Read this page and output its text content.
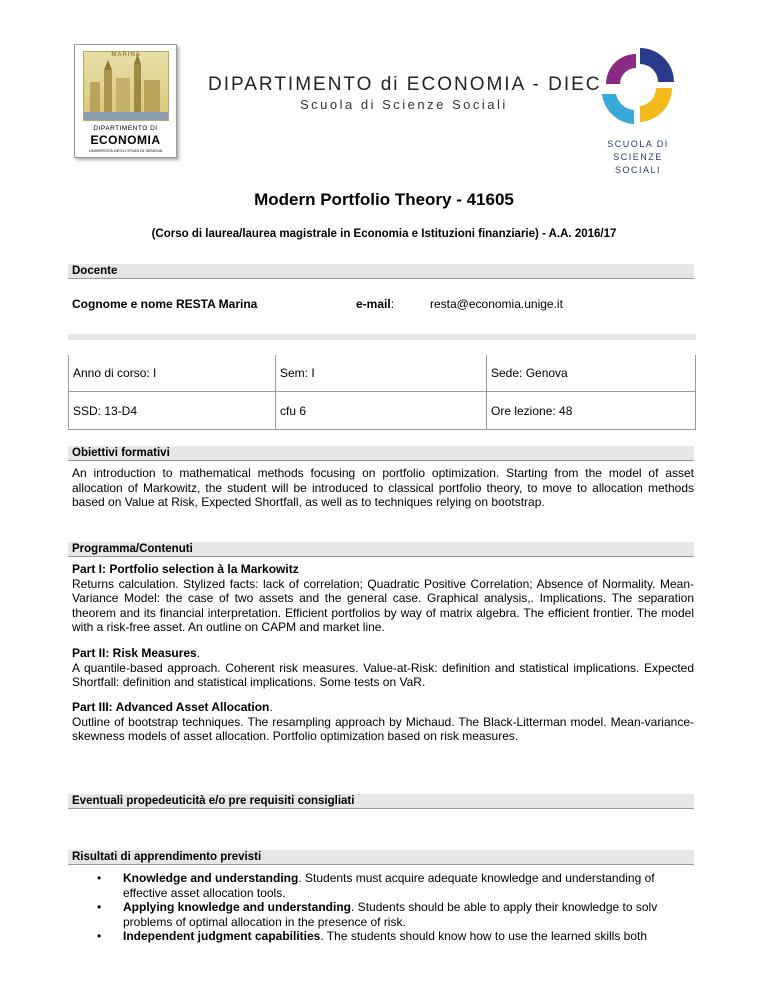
MARINA
DIPARTIMENTO DI
ECONOMIA
UNIVERSITÀ DEGLI STUDI DI GENOVA
DIPARTIMENTO di ECONOMIA - DIEC
Scuola di Scienze Sociali
SCUOLA DI
SCIENZE SOCIALI
Modern Portfolio Theory - 41605
(Corso di laurea/laurea magistrale in Economia e Istituzioni finanziarie) - A.A. 2016/17
Docente
Cognome e nome RESTA Marina	e-mail:	resta@economia.unige.it
Anno di corso: I	Sem: I	Sede: Genova
SSD: 13-D4	cfu 6	Ore lezione: 48
Obiettivi formativi
An introduction to mathematical methods focusing on portfolio optimization. Starting from the model of asset allocation of Markowitz, the student will be introduced to classical portfolio theory, to move to allocation methods based on Value at Risk, Expected Shortfall, as well as to techniques relying on bootstrap.
Programma/Contenuti
Part I: Portfolio selection à la Markowitz
Returns calculation. Stylized facts: lack of correlation; Quadratic Positive Correlation; Absence of Normality. Mean-Variance Model: the case of two assets and the general case. Graphical analysis,. Implications. The separation theorem and its financial interpretation. Efficient portfolios by way of matrix algebra. The efficient frontier. The model with a risk-free asset. An outline on CAPM and market line.
Part II: Risk Measures.
A quantile-based approach. Coherent risk measures. Value-at-Risk: definition and statistical implications. Expected Shortfall: definition and statistical implications. Some tests on VaR.
Part III: Advanced Asset Allocation.
Outline of bootstrap techniques. The resampling approach by Michaud. The Black-Litterman model. Mean-variance-skewness models of asset allocation. Portfolio optimization based on risk measures.
Eventuali propedeuticità e/o pre requisiti consigliati
Risultati di apprendimento previsti
• Knowledge and understanding. Students must acquire adequate knowledge and understanding of effective asset allocation tools.
• Applying knowledge and understanding. Students should be able to apply their knowledge to solv problems of optimal allocation in the presence of risk.
• Independent judgment capabilities. The students should know how to use the learned skills both
